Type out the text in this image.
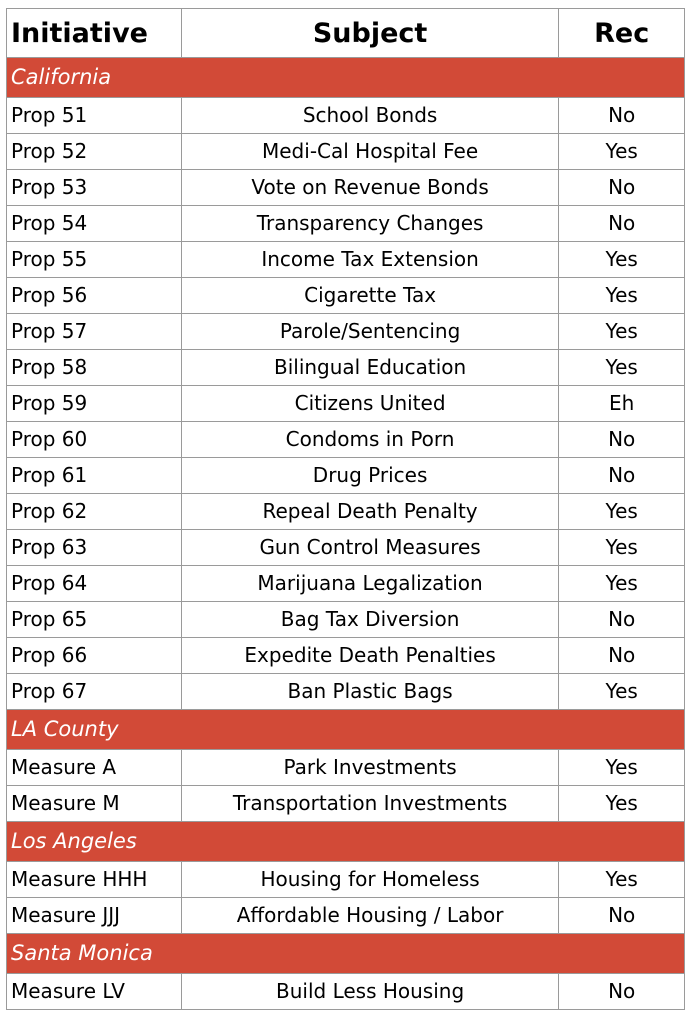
Initiative	Subject	Rec
California		
Prop 51	School Bonds	No
Prop 52	Medi-Cal Hospital Fee	Yes
Prop 53	Vote on Revenue Bonds	No
Prop 54	Transparency Changes	No
Prop 55	Income Tax Extension	Yes
Prop 56	Cigarette Tax	Yes
Prop 57	Parole/Sentencing	Yes
Prop 58	Bilingual Education	Yes
Prop 59	Citizens United	Eh
Prop 60	Condoms in Porn	No
Prop 61	Drug Prices	No
Prop 62	Repeal Death Penalty	Yes
Prop 63	Gun Control Measures	Yes
Prop 64	Marijuana Legalization	Yes
Prop 65	Bag Tax Diversion	No
Prop 66	Expedite Death Penalties	No
Prop 67	Ban Plastic Bags	Yes
LA County		
Measure A	Park Investments	Yes
Measure M	Transportation Investments	Yes
Los Angeles		
Measure HHH	Housing for Homeless	Yes
Measure JJJ	Affordable Housing / Labor	No
Santa Monica		
Measure LV	Build Less Housing	No
